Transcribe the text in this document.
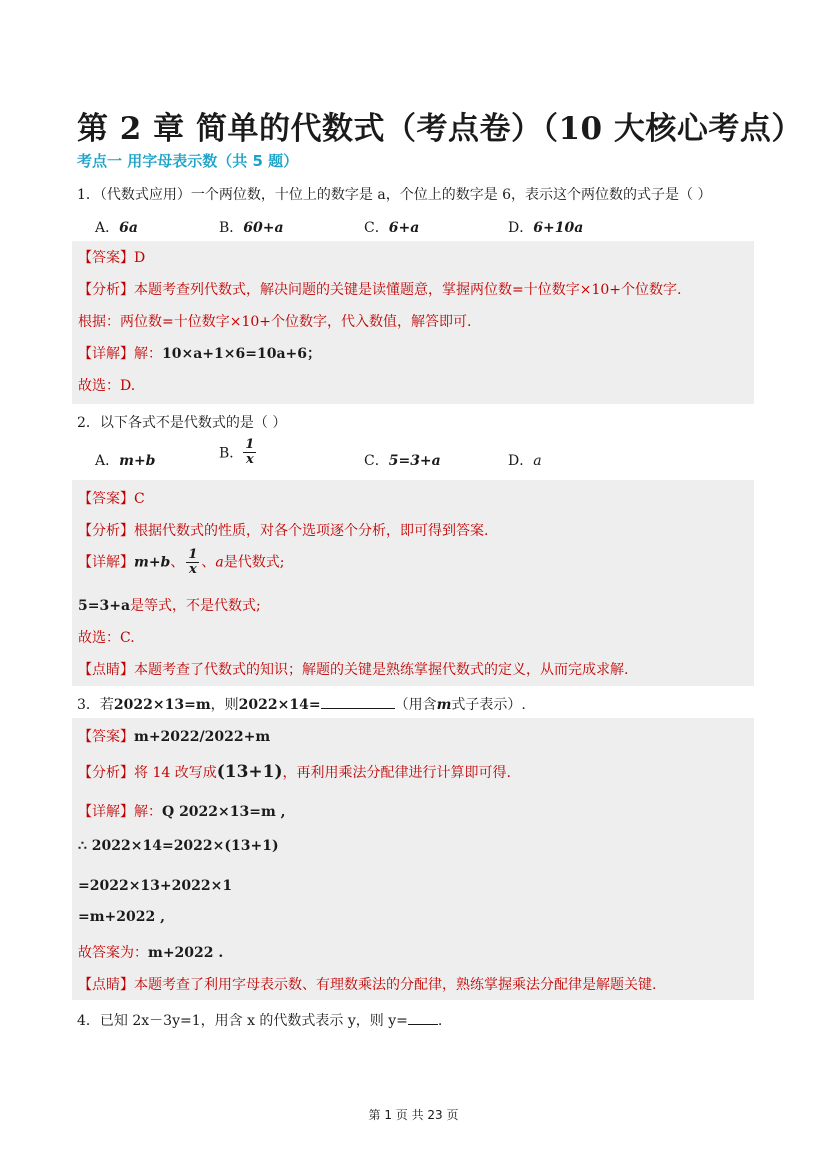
第 2 章 简单的代数式（考点卷）（10 大核心考点）
考点一 用字母表示数（共 5 题）
1．（代数式应用）一个两位数，十位上的数字是 a，个位上的数字是 6，表示这个两位数的式子是（ ）
A．6a	B．60+a	C．6+a	D．6+10a
【答案】D
【分析】本题考查列代数式，解决问题的关键是读懂题意，掌握两位数=十位数字×10+个位数字.
根据：两位数=十位数字×10+个位数字，代入数值，解答即可.
【详解】解：10×a+1×6=10a+6；
故选：D.
2．以下各式不是代数式的是（ ）
A．m+b	B． $\frac{1}{x}$	C．5=3+a	D．a
【答案】C
【分析】根据代数式的性质，对各个选项逐个分析，即可得到答案.
【详解】m+b、 $\frac{1}{x}$ 、a是代数式;
5=3+a是等式，不是代数式;
故选：C.
【点睛】本题考查了代数式的知识；解题的关键是熟练掌握代数式的定义，从而完成求解.
3．若2022×13=m，则2022×14=	（用含m式子表示）.
【答案】m+2022/2022+m
【分析】将 14 改写成(13+1)，再利用乘法分配律进行计算即可得.
【详解】解：Q 2022×13=m ,
∴ 2022×14=2022×(13+1)
=2022×13+2022×1
=m+2022 ,
故答案为：m+2022 .
【点睛】本题考查了利用字母表示数、有理数乘法的分配律，熟练掌握乘法分配律是解题关键.
4．已知 2x－3y=1，用含 x 的代数式表示 y，则 y= .
第 1 页 共 23 页
